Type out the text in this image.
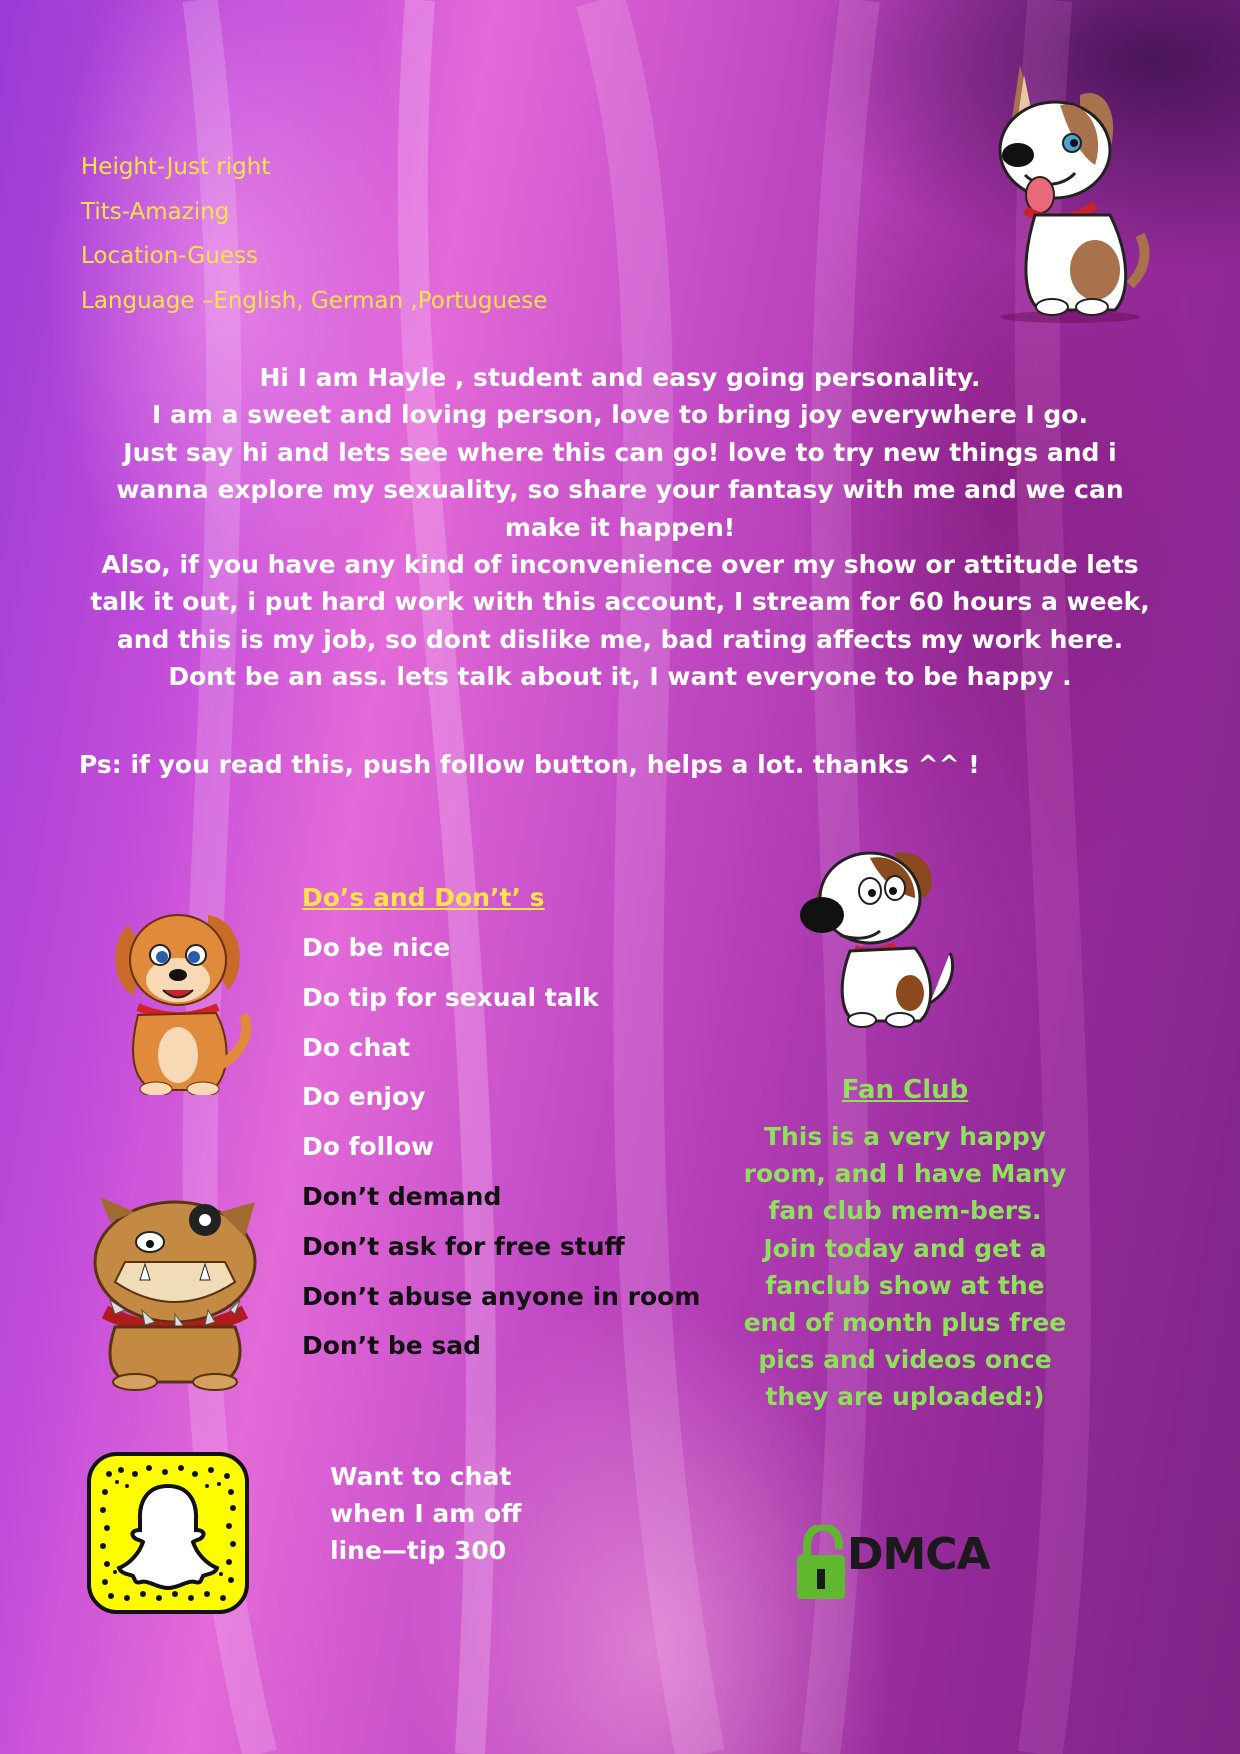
Height-Just right
Tits-Amazing
Location-Guess
Language –English, German ,Portuguese

Hi I am Hayle , student and easy going personality.

I am a sweet and loving person, love to bring joy everywhere I go.

Just say hi and lets see where this can go! love to try new things and i wanna explore my sexuality, so share your fantasy with me and we can make it happen!

Also, if you have any kind of inconvenience over my show or attitude lets talk it out, i put hard work with this account, I stream for 60 hours a week, and this is my job, so dont dislike me, bad rating affects my work here.

Dont be an ass. lets talk about it, I want everyone to be happy .

Ps: if you read this, push follow button, helps a lot. thanks ^^ !
Do’s and Don’t’ s
Do be nice
Do tip for sexual talk
Do chat
Do enjoy
Do follow
Don’t demand
Don’t ask for free stuff
Don’t abuse anyone in room
Don’t be sad
Fan Club

This is a very happy room, and I have Many fan club mem-bers. Join today and get a fanclub show at the end of month plus free pics and videos once they are uploaded:)

Want to chat
when I am off
line—tip 300	DMCA
